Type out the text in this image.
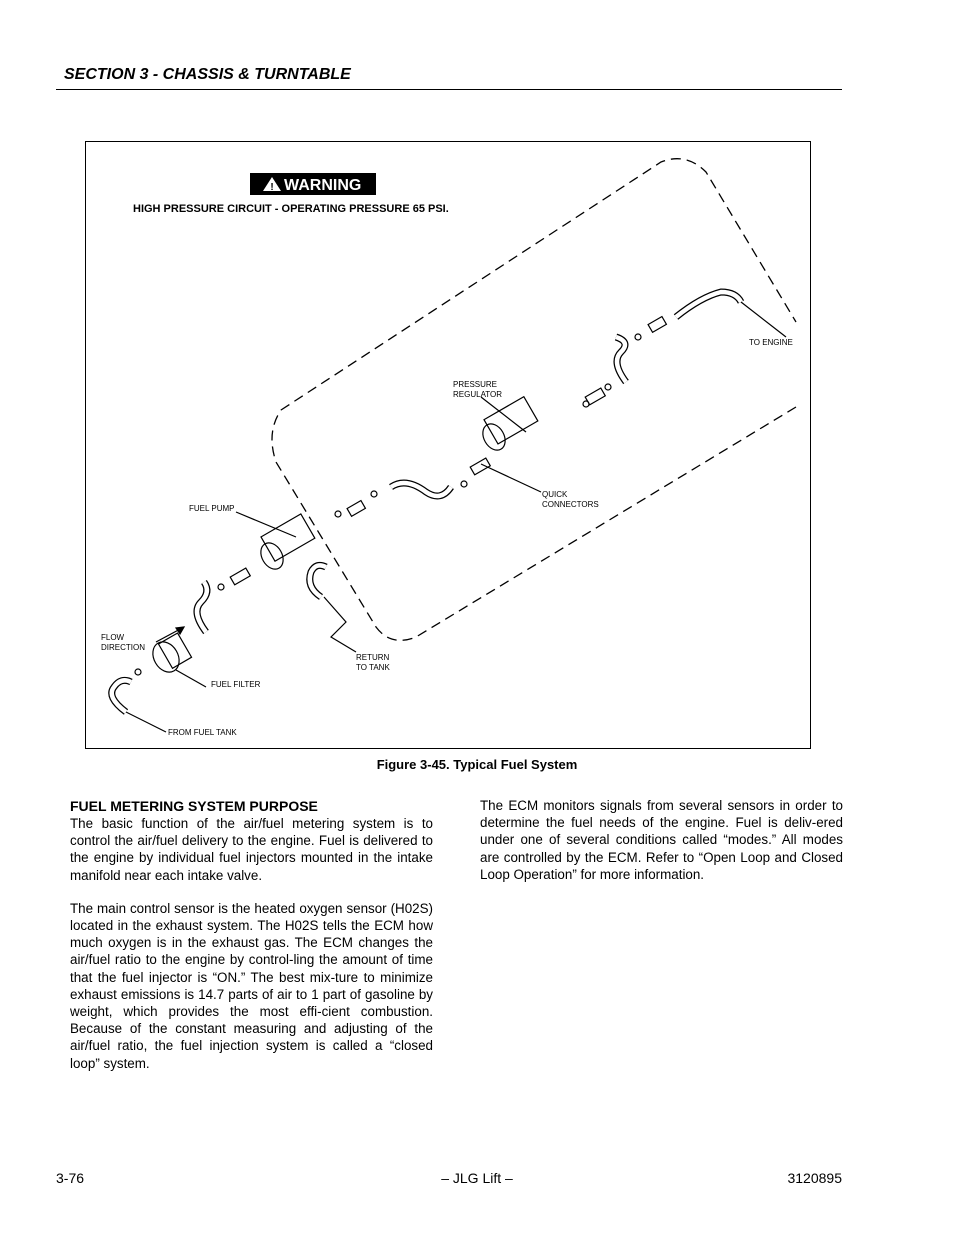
SECTION 3 - CHASSIS & TURNTABLE
! WARNING
HIGH PRESSURE CIRCUIT - OPERATING PRESSURE 65 PSI.
TO ENGINE
PRESSURE
REGULATOR
QUICK
CONNECTORS
FUEL PUMP
FLOW
DIRECTION
FUEL FILTER
RETURN
TO TANK
FROM FUEL TANK
Figure 3-45. Typical Fuel System
FUEL METERING SYSTEM PURPOSE

The basic function of the air/fuel metering system is to control the air/fuel delivery to the engine. Fuel is delivered to the engine by individual fuel injectors mounted in the intake manifold near each intake valve.

The main control sensor is the heated oxygen sensor (H02S) located in the exhaust system. The H02S tells the ECM how much oxygen is in the exhaust gas. The ECM changes the air/fuel ratio to the engine by control-ling the amount of time that the fuel injector is “ON.” The best mix-ture to minimize exhaust emissions is 14.7 parts of air to 1 part of gasoline by weight, which provides the most effi-cient combustion. Because of the constant measuring and adjusting of the air/fuel ratio, the fuel injection system is called a “closed loop” system.

The ECM monitors signals from several sensors in order to determine the fuel needs of the engine. Fuel is deliv-ered under one of several conditions called “modes.” All modes are controlled by the ECM. Refer to “Open Loop and Closed Loop Operation” for more information.

3-76	– JLG Lift –	3120895
